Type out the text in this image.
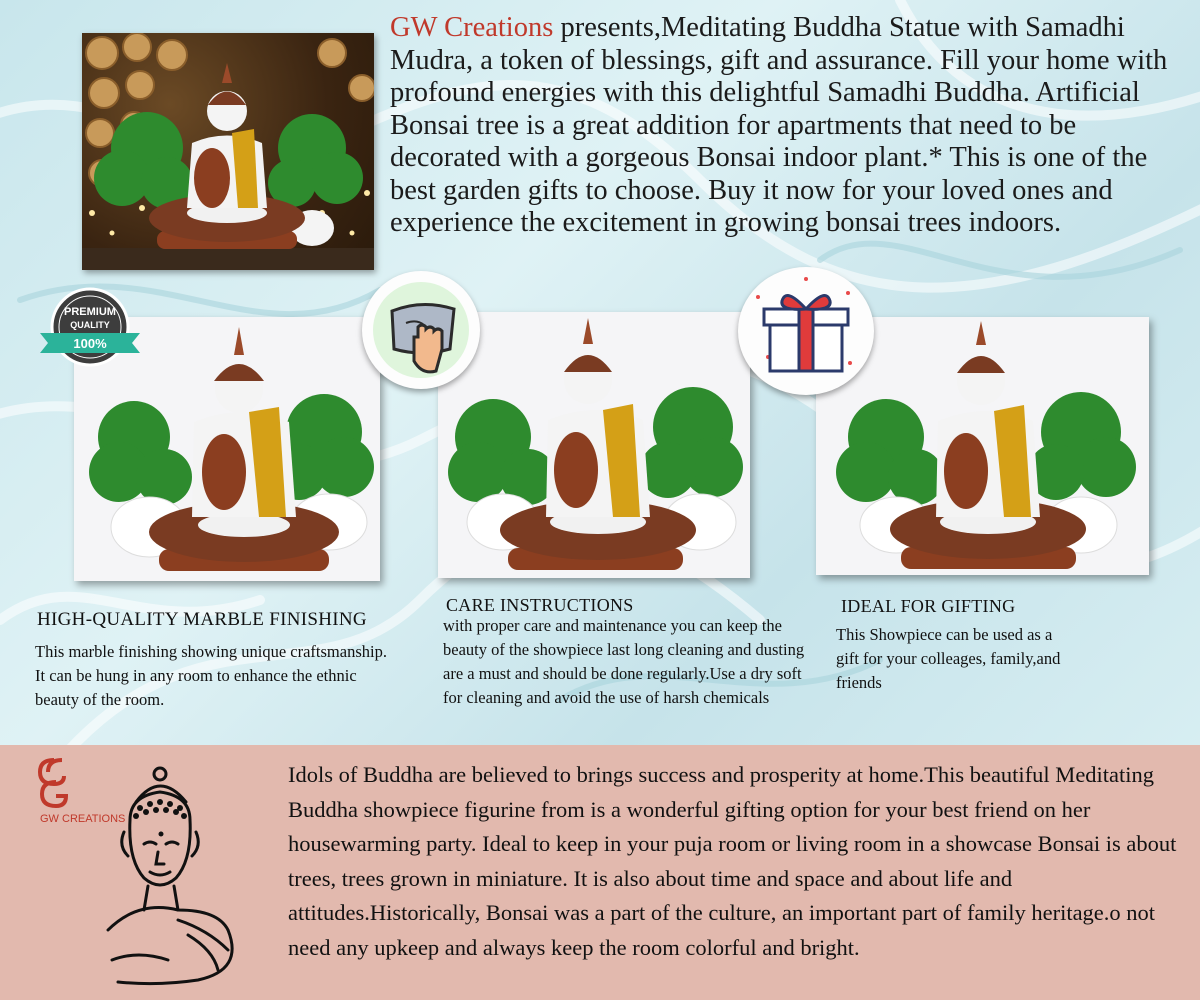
GW Creations presents,Meditating Buddha Statue with Samadhi Mudra, a token of blessings, gift and assurance. Fill your home with profound energies with this delightful Samadhi Buddha. Artificial Bonsai tree is a great addition for apartments that need to be decorated with a gorgeous Bonsai indoor plant.* This is one of the best garden gifts to choose. Buy it now for your loved ones and experience the excitement in growing bonsai trees indoors.
PREMIUM
QUALITY
100%
HIGH-QUALITY MARBLE FINISHING
This marble finishing showing unique craftsmanship. It can be hung in any room to enhance the ethnic beauty of the room.
CARE INSTRUCTIONS
with proper care and maintenance you can keep the beauty of the showpiece last long cleaning and dusting are a must and should be done regularly.Use a dry soft for cleaning and avoid the use of harsh chemicals
IDEAL FOR GIFTING
This Showpiece can be used as a gift for your colleages, family,and friends
GW CREATIONS
Idols of Buddha are believed to brings success and prosperity at home.This beautiful Meditating Buddha showpiece figurine from is a wonderful gifting option for your best friend on her housewarming party. Ideal to keep in your puja room or living room in a showcase Bonsai is about trees, trees grown in miniature. It is also about time and space and about life and attitudes.Historically, Bonsai was a part of the culture, an important part of family heritage.o not need any upkeep and always keep the room colorful and bright.
